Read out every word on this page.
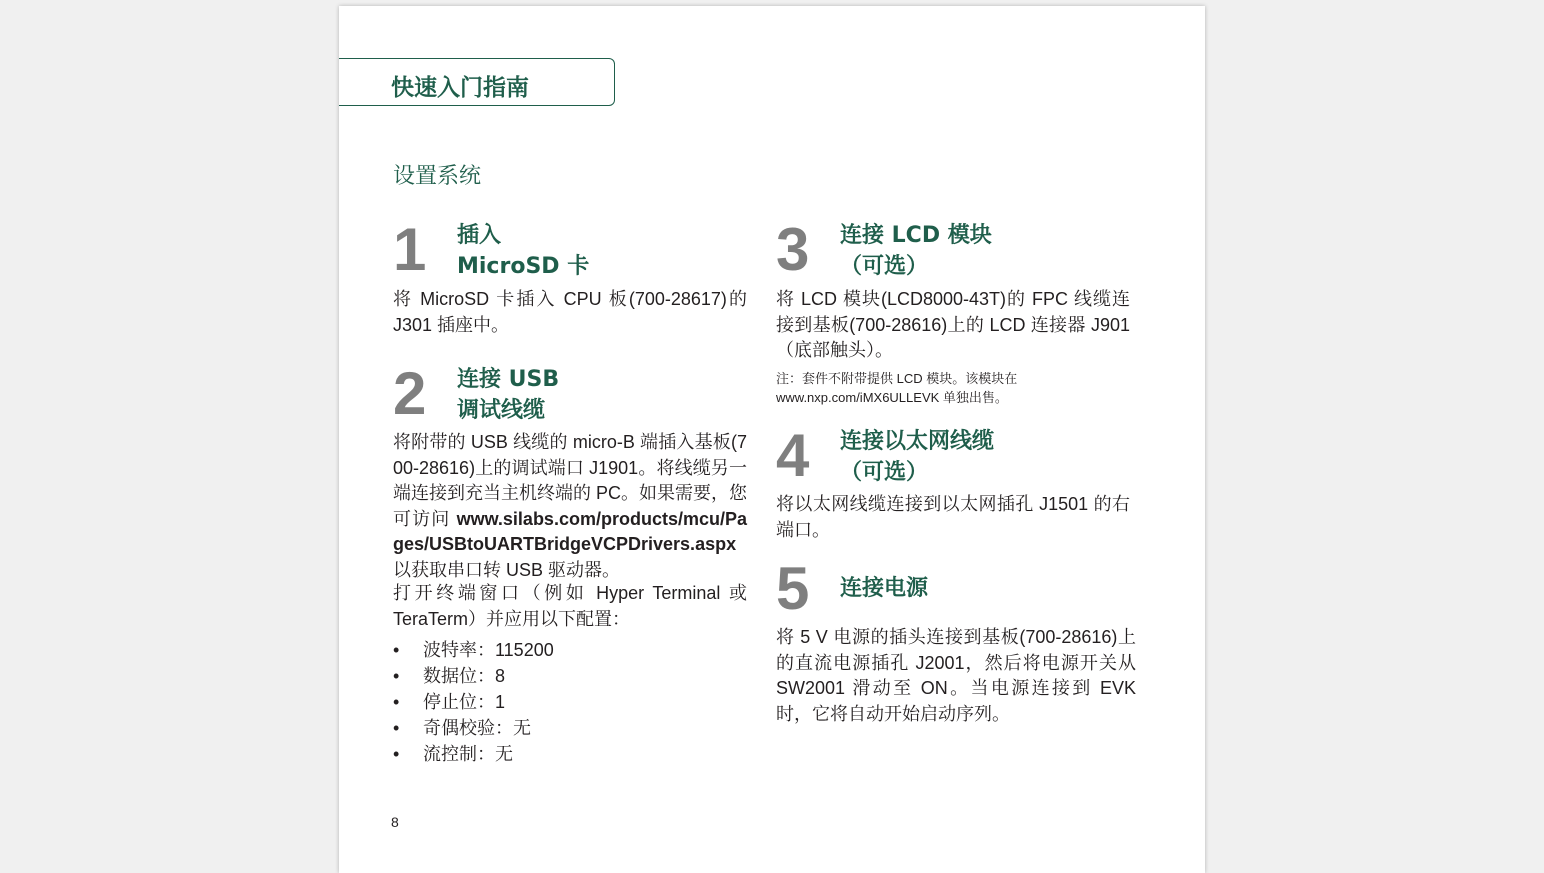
快速入门指南
设置系统
1 插入
MicroSD 卡
将 MicroSD 卡插入 CPU 板(700-28617)的 J301 插座中。
2 连接 USB
调试线缆
将附带的 USB 线缆的 micro-B 端插入基板(700-28616)上的调试端口 J1901。将线缆另一端连接到充当主机终端的 PC。如果需要，您可访问 www.silabs.com/products/mcu/Pages/USBtoUARTBridgeVCPDrivers.aspx 以获取串口转 USB 驱动器。
打开终端窗口（例如 Hyper Terminal 或 TeraTerm）并应用以下配置：
• 波特率：115200
• 数据位：8
• 停止位：1
• 奇偶校验：无
• 流控制：无
3 连接 LCD 模块
（可选）
将 LCD 模块(LCD8000-43T)的 FPC 线缆连接到基板(700-28616)上的 LCD 连接器 J901（底部触头）。
注：套件不附带提供 LCD 模块。该模块在 www.nxp.com/iMX6ULLEVK 单独出售。
4 连接以太网线缆
（可选）
将以太网线缆连接到以太网插孔 J1501 的右端口。
5 连接电源
将 5 V 电源的插头连接到基板(700-28616)上的直流电源插孔 J2001，然后将电源开关从 SW2001 滑动至 ON。当电源连接到 EVK 时，它将自动开始启动序列。
8
